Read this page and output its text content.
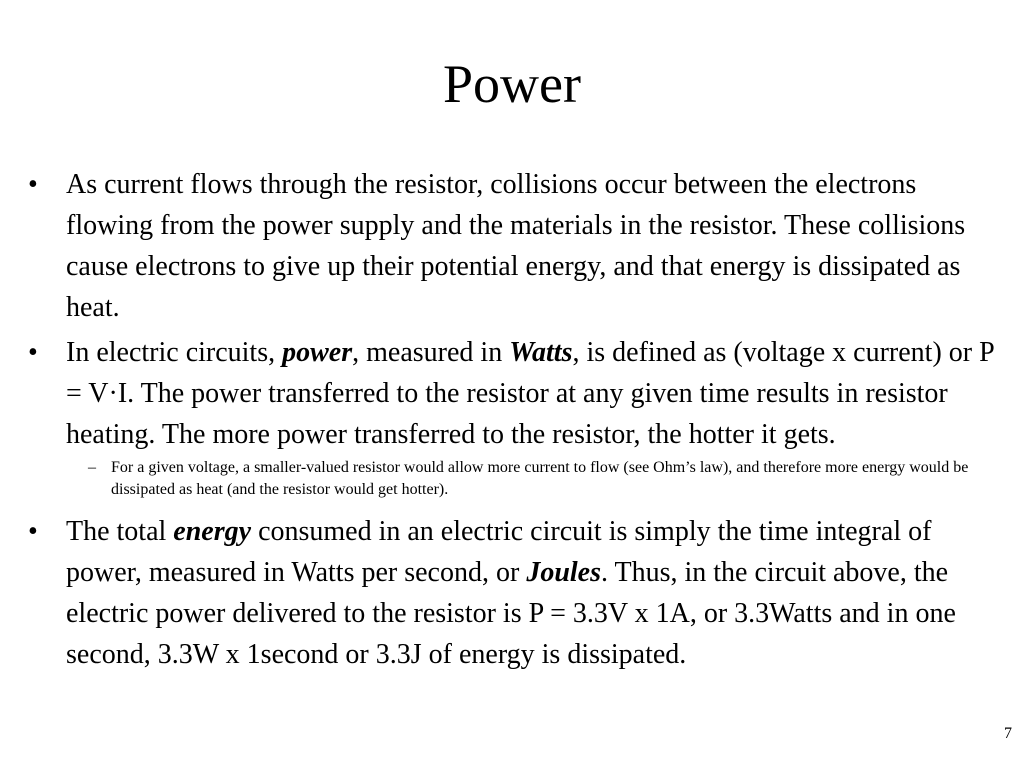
Power
• As current flows through the resistor, collisions occur between the electrons flowing from the power supply and the materials in the resistor. These collisions cause electrons to give up their potential energy, and that energy is dissipated as heat.
• In electric circuits, power, measured in Watts, is defined as (voltage x current) or P = V·I. The power transferred to the resistor at any given time results in resistor heating. The more power transferred to the resistor, the hotter it gets.
– For a given voltage, a smaller-valued resistor would allow more current to flow (see Ohm’s law), and therefore more energy would be dissipated as heat (and the resistor would get hotter).
• The total energy consumed in an electric circuit is simply the time integral of power, measured in Watts per second, or Joules. Thus, in the circuit above, the electric power delivered to the resistor is P = 3.3V x 1A, or 3.3Watts and in one second, 3.3W x 1second or 3.3J of energy is dissipated.
7
